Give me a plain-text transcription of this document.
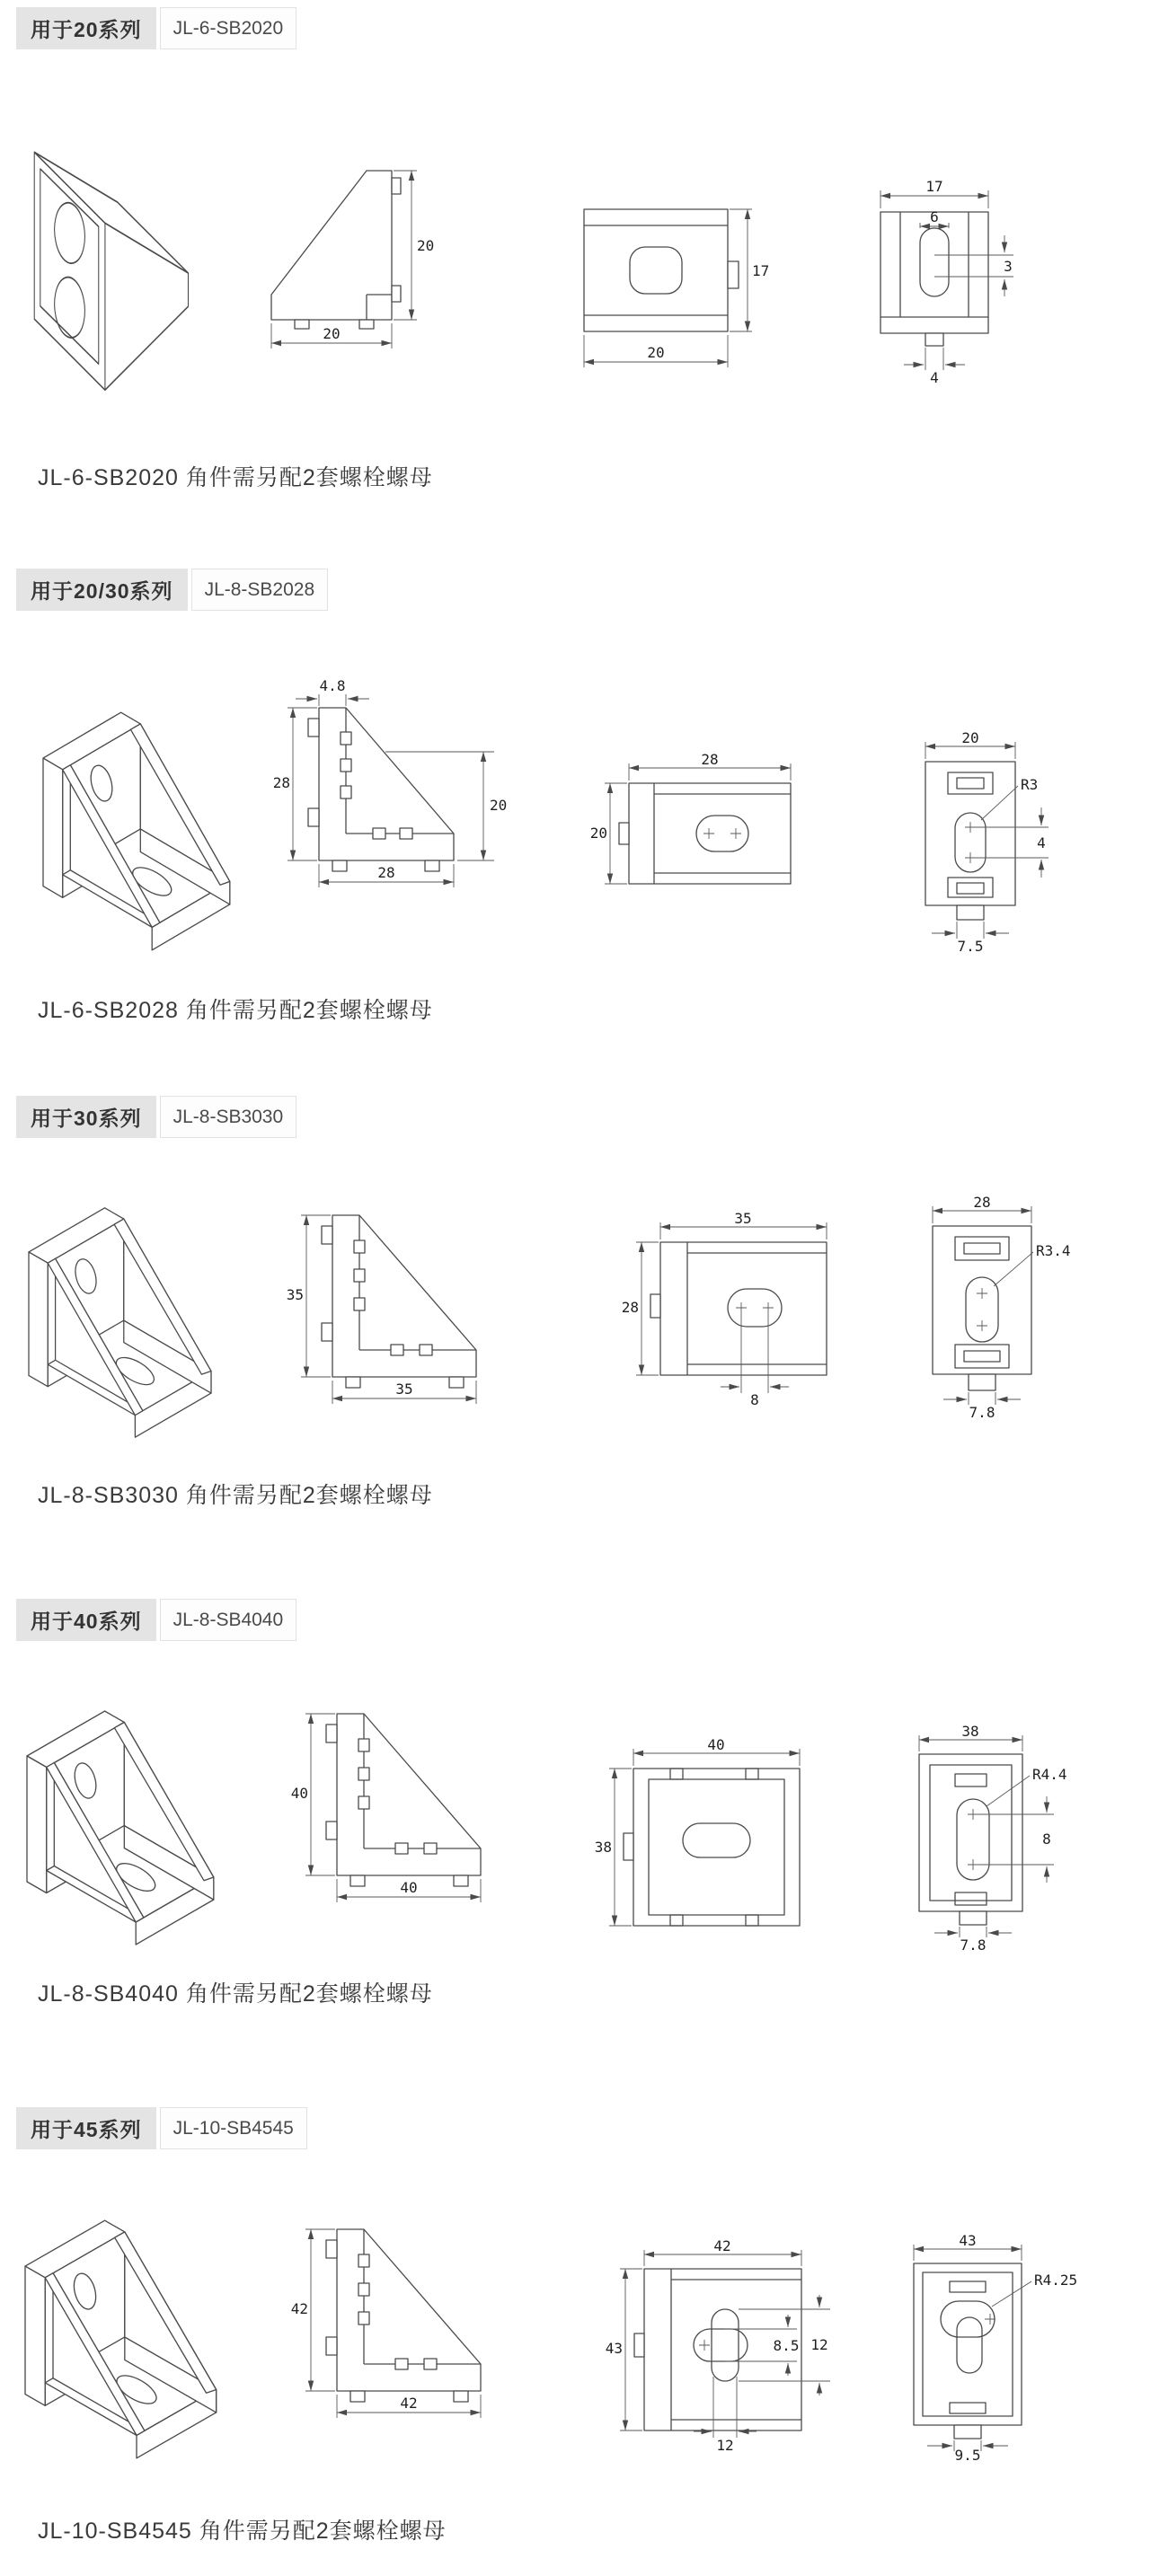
用于20系列	JL-6-SB2020
20
20
20
17
17
6
3
4
JL-6-SB2020 角件需另配2套螺栓螺母
用于20/30系列	JL-8-SB2028
4.8
28
28
20
28
20
R3
4
7.5
20
JL-6-SB2028 角件需另配2套螺栓螺母
用于30系列	JL-8-SB3030
35
35
35
28
8
R3.4
7.8
28
JL-8-SB3030 角件需另配2套螺栓螺母
用于40系列	JL-8-SB4040
40
40
40
38
R4.4
8
7.8
38
JL-8-SB4040 角件需另配2套螺栓螺母
用于45系列	JL-10-SB4545
42
42
8.5 12
12
42
43
R4.25
9.5
43
JL-10-SB4545 角件需另配2套螺栓螺母
